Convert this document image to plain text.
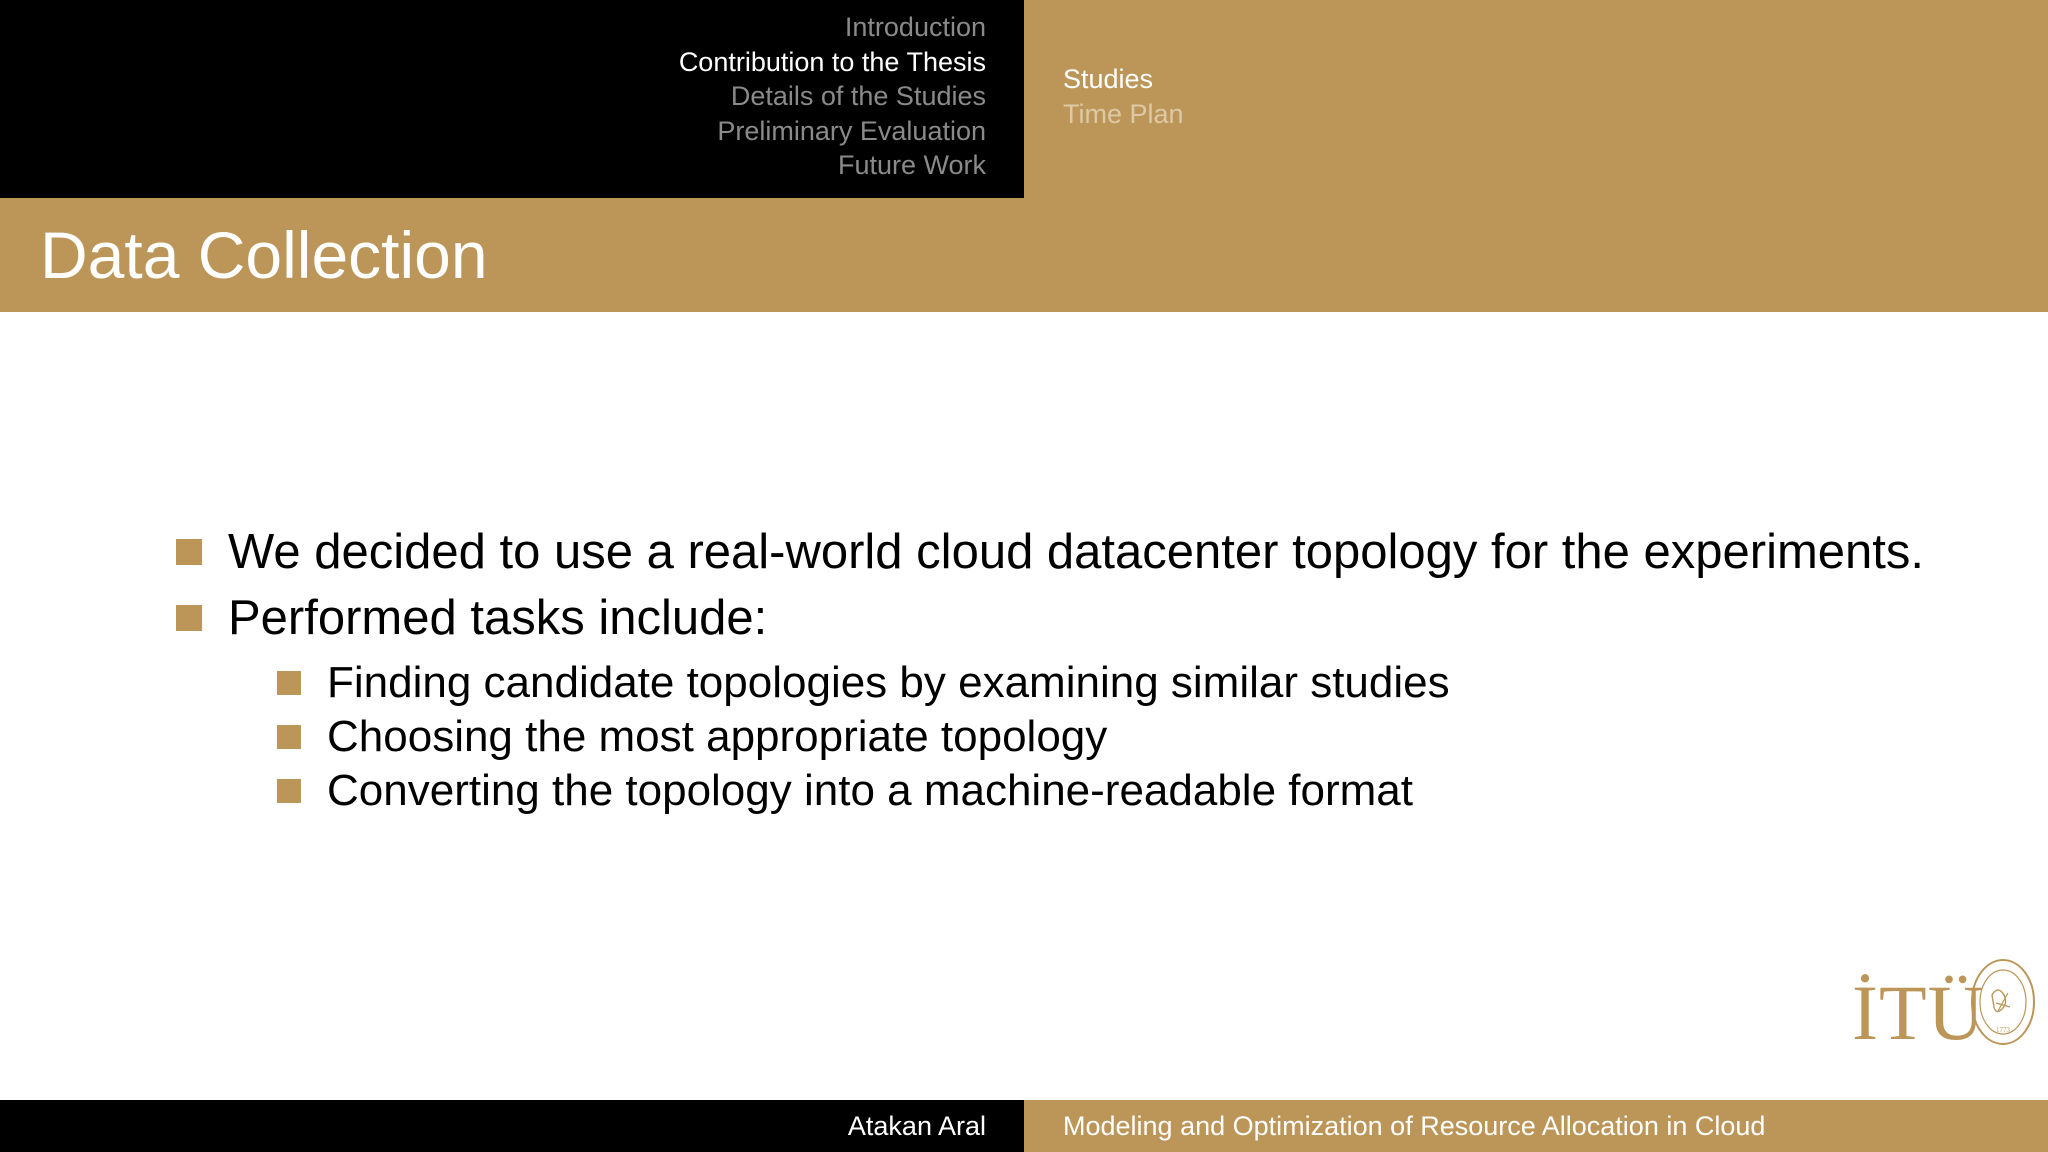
Introduction
Contribution to the Thesis
Details of the Studies
Preliminary Evaluation
Future Work
Studies
Time Plan
Data Collection
We decided to use a real-world cloud datacenter topology for the experiments.
Performed tasks include:
Finding candidate topologies by examining similar studies
Choosing the most appropriate topology
Converting the topology into a machine-readable format
İTÜ 1773
Atakan Aral	Modeling and Optimization of Resource Allocation in Cloud
